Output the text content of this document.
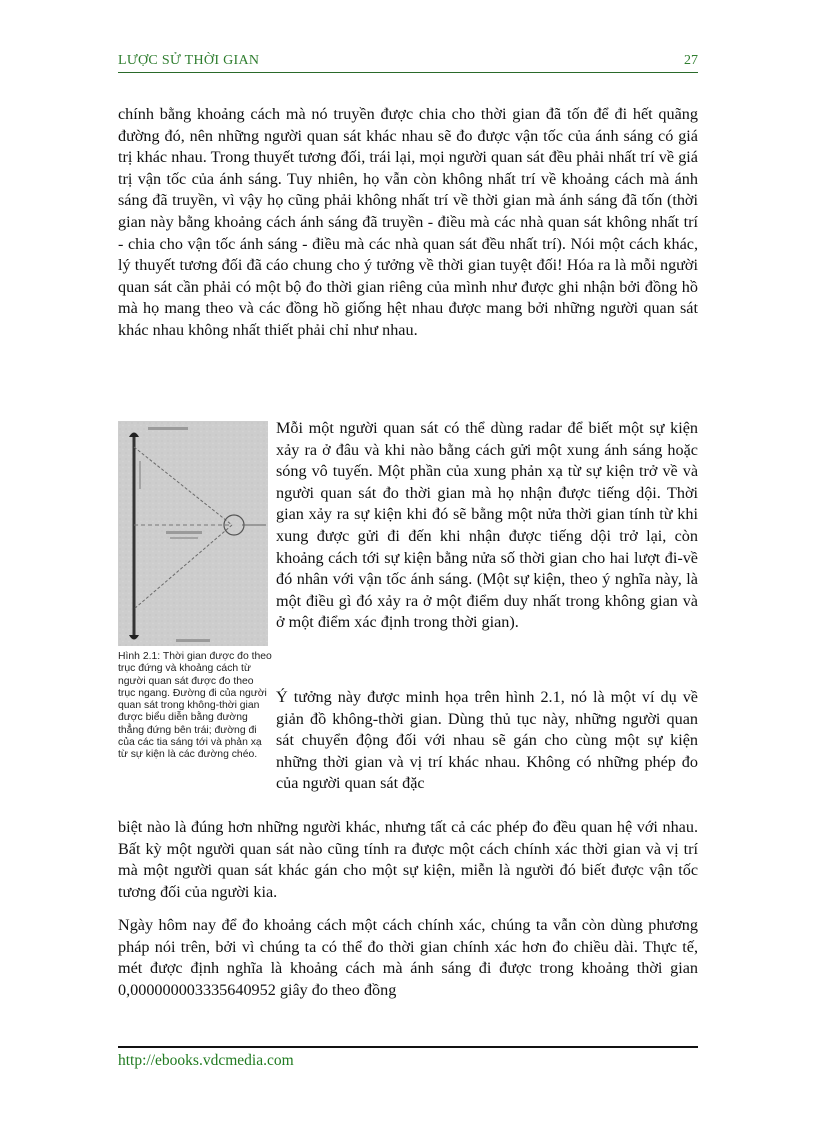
LƯỢC SỬ THỜI GIAN	27

chính bằng khoảng cách mà nó truyền được chia cho thời gian đã tốn để đi hết quãng đường đó, nên những người quan sát khác nhau sẽ đo được vận tốc của ánh sáng có giá trị khác nhau. Trong thuyết tương đối, trái lại, mọi người quan sát đều phải nhất trí về giá trị vận tốc của ánh sáng. Tuy nhiên, họ vẫn còn không nhất trí về khoảng cách mà ánh sáng đã truyền, vì vậy họ cũng phải không nhất trí về thời gian mà ánh sáng đã tốn (thời gian này bằng khoảng cách ánh sáng đã truyền - điều mà các nhà quan sát không nhất trí - chia cho vận tốc ánh sáng - điều mà các nhà quan sát đều nhất trí). Nói một cách khác, lý thuyết tương đối đã cáo chung cho ý tưởng về thời gian tuyệt đối! Hóa ra là mỗi người quan sát cần phải có một bộ đo thời gian riêng của mình như được ghi nhận bởi đồng hồ mà họ mang theo và các đồng hồ giống hệt nhau được mang bởi những người quan sát khác nhau không nhất thiết phải chỉ như nhau.

Hình 2.1: Thời gian được đo theo trục đứng và khoảng cách từ người quan sát được đo theo trục ngang. Đường đi của người quan sát trong không-thời gian được biểu diễn bằng đường thẳng đứng bên trái; đường đi của các tia sáng tới và phản xạ từ sự kiện là các đường chéo.

Mỗi một người quan sát có thể dùng radar để biết một sự kiện xảy ra ở đâu và khi nào bằng cách gửi một xung ánh sáng hoặc sóng vô tuyến. Một phần của xung phản xạ từ sự kiện trở về và người quan sát đo thời gian mà họ nhận được tiếng dội. Thời gian xảy ra sự kiện khi đó sẽ bằng một nửa thời gian tính từ khi xung được gửi đi đến khi nhận được tiếng dội trở lại, còn khoảng cách tới sự kiện bằng nửa số thời gian cho hai lượt đi-về đó nhân với vận tốc ánh sáng. (Một sự kiện, theo ý nghĩa này, là một điều gì đó xảy ra ở một điểm duy nhất trong không gian và ở một điểm xác định trong thời gian).

Ý tưởng này được minh họa trên hình 2.1, nó là một ví dụ về giản đồ không-thời gian. Dùng thủ tục này, những người quan sát chuyển động đối với nhau sẽ gán cho cùng một sự kiện những thời gian và vị trí khác nhau. Không có những phép đo của người quan sát đặc

biệt nào là đúng hơn những người khác, nhưng tất cả các phép đo đều quan hệ với nhau. Bất kỳ một người quan sát nào cũng tính ra được một cách chính xác thời gian và vị trí mà một người quan sát khác gán cho một sự kiện, miễn là người đó biết được vận tốc tương đối của người kia.

Ngày hôm nay để đo khoảng cách một cách chính xác, chúng ta vẫn còn dùng phương pháp nói trên, bởi vì chúng ta có thể đo thời gian chính xác hơn đo chiều dài. Thực tế, mét được định nghĩa là khoảng cách mà ánh sáng đi được trong khoảng thời gian 0,000000003335640952 giây đo theo đồng

http://ebooks.vdcmedia.com
